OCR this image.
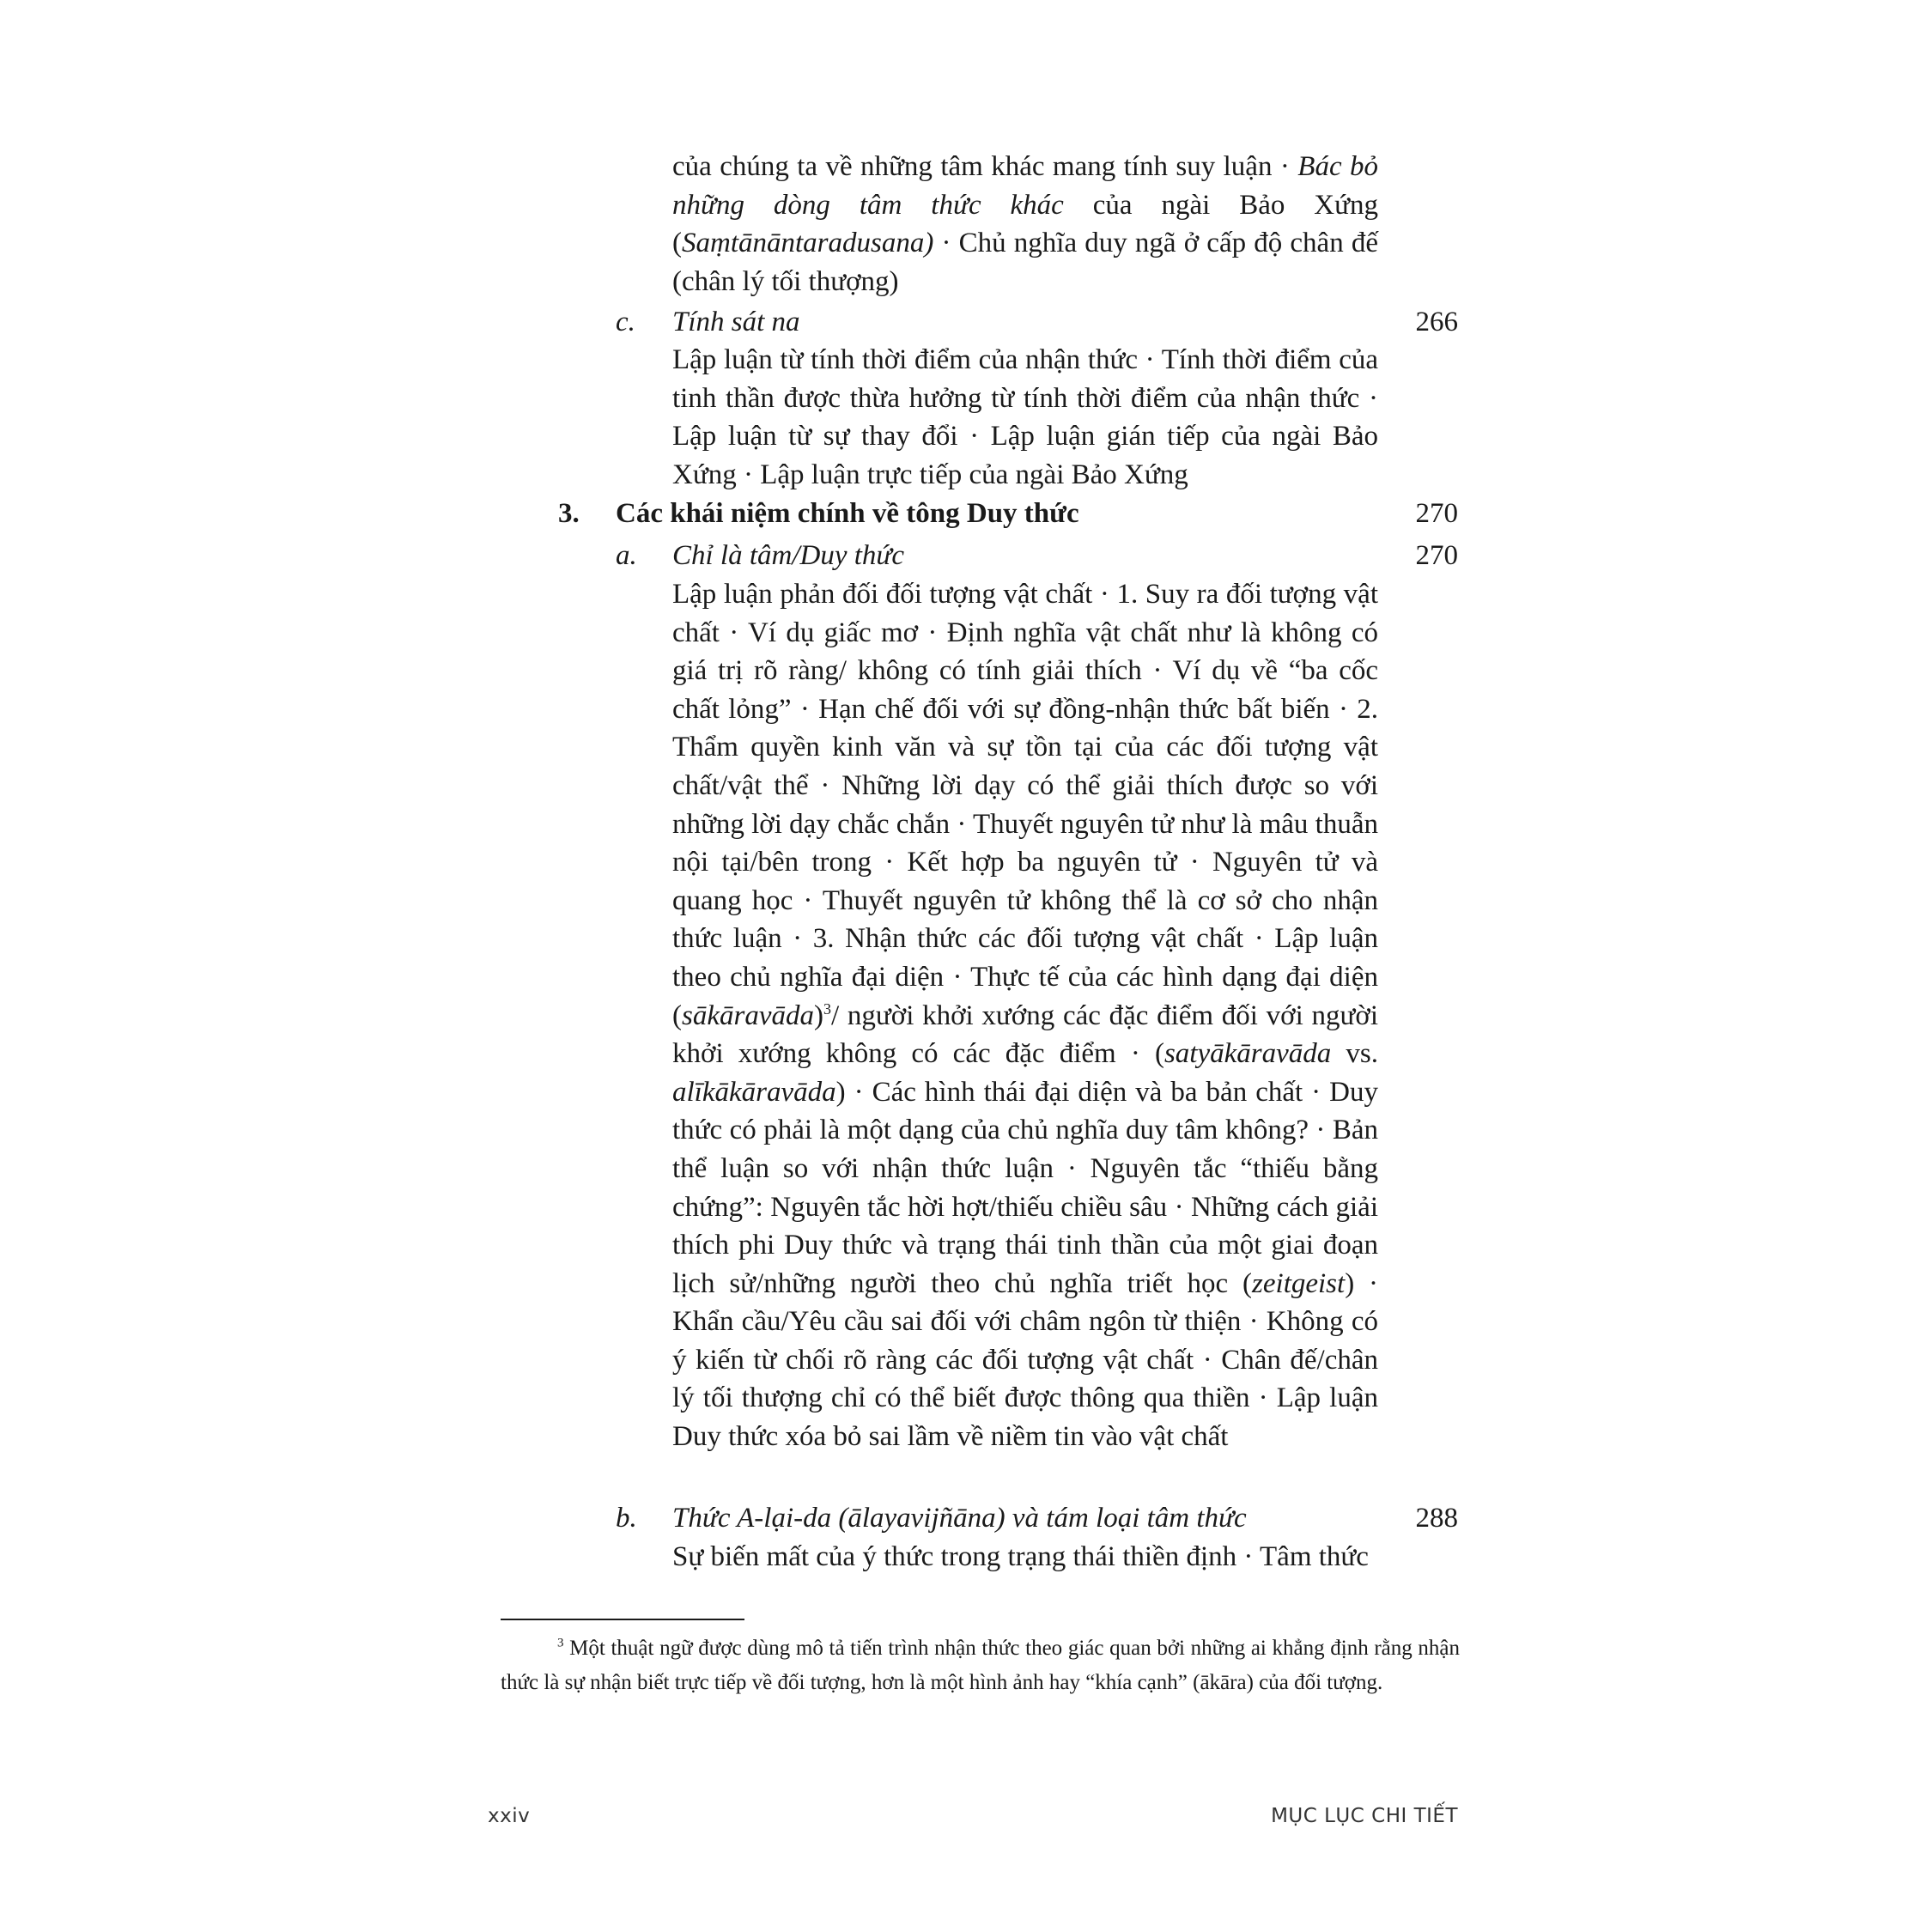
của chúng ta về những tâm khác mang tính suy luận · Bác bỏ những dòng tâm thức khác của ngài Bảo Xứng (Saṃtānāntaradusana) · Chủ nghĩa duy ngã ở cấp độ chân đế (chân lý tối thượng)
c. Tính sát na	266
Lập luận từ tính thời điểm của nhận thức · Tính thời điểm của tinh thần được thừa hưởng từ tính thời điểm của nhận thức · Lập luận từ sự thay đổi · Lập luận gián tiếp của ngài Bảo Xứng · Lập luận trực tiếp của ngài Bảo Xứng
3. Các khái niệm chính về tông Duy thức	270
a. Chỉ là tâm/Duy thức	270
Lập luận phản đối đối tượng vật chất · 1. Suy ra đối tượng vật chất · Ví dụ giấc mơ · Định nghĩa vật chất như là không có giá trị rõ ràng/ không có tính giải thích · Ví dụ về “ba cốc chất lỏng” · Hạn chế đối với sự đồng-nhận thức bất biến · 2. Thẩm quyền kinh văn và sự tồn tại của các đối tượng vật chất/vật thể · Những lời dạy có thể giải thích được so với những lời dạy chắc chắn · Thuyết nguyên tử như là mâu thuẫn nội tại/bên trong · Kết hợp ba nguyên tử · Nguyên tử và quang học · Thuyết nguyên tử không thể là cơ sở cho nhận thức luận · 3. Nhận thức các đối tượng vật chất · Lập luận theo chủ nghĩa đại diện · Thực tế của các hình dạng đại diện (sākāravāda)$^3$/ người khởi xướng các đặc điểm đối với người khởi xướng không có các đặc điểm · (satyākāravāda vs. alīkākāravāda) · Các hình thái đại diện và ba bản chất · Duy thức có phải là một dạng của chủ nghĩa duy tâm không? · Bản thể luận so với nhận thức luận · Nguyên tắc “thiếu bằng chứng”: Nguyên tắc hời hợt/thiếu chiều sâu · Những cách giải thích phi Duy thức và trạng thái tinh thần của một giai đoạn lịch sử/những người theo chủ nghĩa triết học (zeitgeist) · Khẩn cầu/Yêu cầu sai đối với châm ngôn từ thiện · Không có ý kiến từ chối rõ ràng các đối tượng vật chất · Chân đế/chân lý tối thượng chỉ có thể biết được thông qua thiền · Lập luận Duy thức xóa bỏ sai lầm về niềm tin vào vật chất
b. Thức A-lại-da (ālayavijñāna) và tám loại tâm thức	288
Sự biến mất của ý thức trong trạng thái thiền định · Tâm thức

$^3$ Một thuật ngữ được dùng mô tả tiến trình nhận thức theo giác quan bởi những ai khẳng định rằng nhận thức là sự nhận biết trực tiếp về đối tượng, hơn là một hình ảnh hay “khía cạnh” (ākāra) của đối tượng.

xxiv	MỤC LỤC CHI TIẾT
